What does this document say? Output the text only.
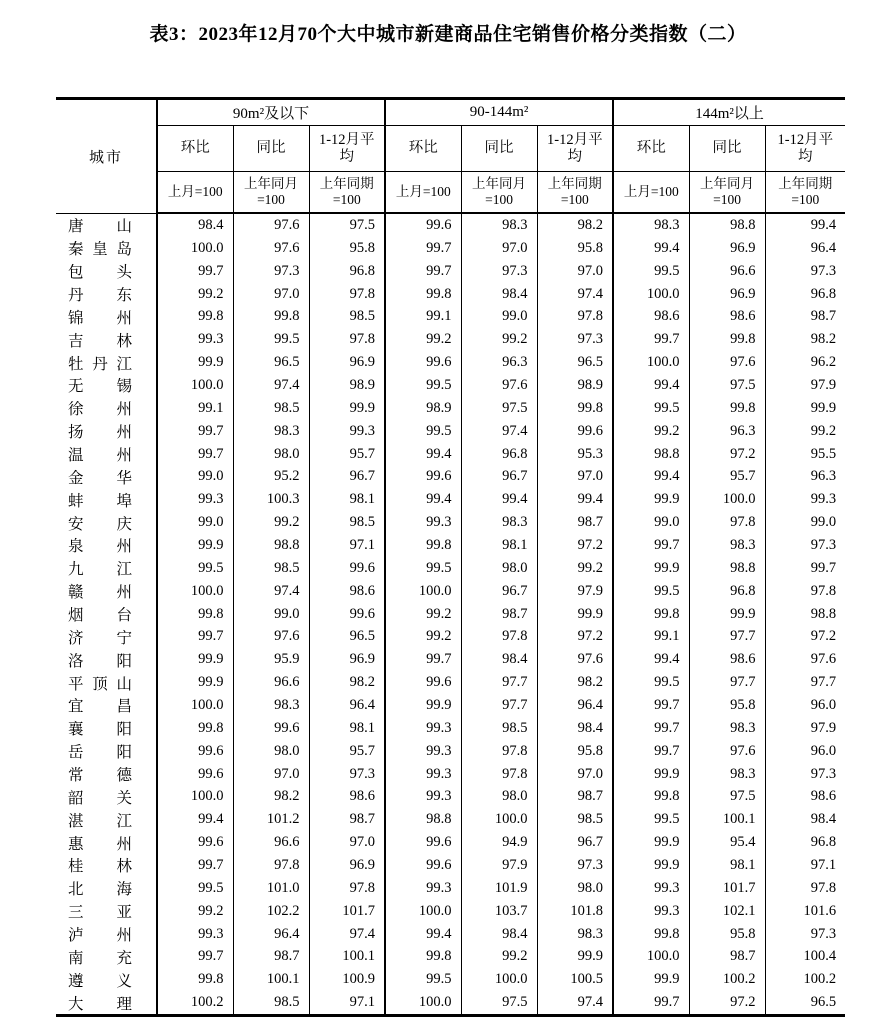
表3：2023年12月70个大中城市新建商品住宅销售价格分类指数（二）
城市	90m²及以下			90-144m²			144m²以上		
	环比	同比	1-12月平均	环比	同比	1-12月平均	环比	同比	1-12月平均
	上月=100	上年同月=100	上年同期=100	上月=100	上年同月=100	上年同期=100	上月=100	上年同月=100	上年同期=100

唐 山	98.4	97.6	97.5	99.6	98.3	98.2	98.3	98.8	99.4

秦 皇 岛	100.0	97.6	95.8	99.7	97.0	95.8	99.4	96.9	96.4

包 头	99.7	97.3	96.8	99.7	97.3	97.0	99.5	96.6	97.3

丹 东	99.2	97.0	97.8	99.8	98.4	97.4	100.0	96.9	96.8

锦 州	99.8	99.8	98.5	99.1	99.0	97.8	98.6	98.6	98.7

吉 林	99.3	99.5	97.8	99.2	99.2	97.3	99.7	99.8	98.2

牡 丹 江	99.9	96.5	96.9	99.6	96.3	96.5	100.0	97.6	96.2

无 锡	100.0	97.4	98.9	99.5	97.6	98.9	99.4	97.5	97.9

徐 州	99.1	98.5	99.9	98.9	97.5	99.8	99.5	99.8	99.9

扬 州	99.7	98.3	99.3	99.5	97.4	99.6	99.2	96.3	99.2

温 州	99.7	98.0	95.7	99.4	96.8	95.3	98.8	97.2	95.5

金 华	99.0	95.2	96.7	99.6	96.7	97.0	99.4	95.7	96.3

蚌 埠	99.3	100.3	98.1	99.4	99.4	99.4	99.9	100.0	99.3

安 庆	99.0	99.2	98.5	99.3	98.3	98.7	99.0	97.8	99.0

泉 州	99.9	98.8	97.1	99.8	98.1	97.2	99.7	98.3	97.3

九 江	99.5	98.5	99.6	99.5	98.0	99.2	99.9	98.8	99.7

赣 州	100.0	97.4	98.6	100.0	96.7	97.9	99.5	96.8	97.8

烟 台	99.8	99.0	99.6	99.2	98.7	99.9	99.8	99.9	98.8

济 宁	99.7	97.6	96.5	99.2	97.8	97.2	99.1	97.7	97.2

洛 阳	99.9	95.9	96.9	99.7	98.4	97.6	99.4	98.6	97.6

平 顶 山	99.9	96.6	98.2	99.6	97.7	98.2	99.5	97.7	97.7

宜 昌	100.0	98.3	96.4	99.9	97.7	96.4	99.7	95.8	96.0

襄 阳	99.8	99.6	98.1	99.3	98.5	98.4	99.7	98.3	97.9

岳 阳	99.6	98.0	95.7	99.3	97.8	95.8	99.7	97.6	96.0

常 德	99.6	97.0	97.3	99.3	97.8	97.0	99.9	98.3	97.3

韶 关	100.0	98.2	98.6	99.3	98.0	98.7	99.8	97.5	98.6

湛 江	99.4	101.2	98.7	98.8	100.0	98.5	99.5	100.1	98.4

惠 州	99.6	96.6	97.0	99.6	94.9	96.7	99.9	95.4	96.8

桂 林	99.7	97.8	96.9	99.6	97.9	97.3	99.9	98.1	97.1

北 海	99.5	101.0	97.8	99.3	101.9	98.0	99.3	101.7	97.8

三 亚	99.2	102.2	101.7	100.0	103.7	101.8	99.3	102.1	101.6

泸 州	99.3	96.4	97.4	99.4	98.4	98.3	99.8	95.8	97.3

南 充	99.7	98.7	100.1	99.8	99.2	99.9	100.0	98.7	100.4

遵 义	99.8	100.1	100.9	99.5	100.0	100.5	99.9	100.2	100.2

大 理	100.2	98.5	97.1	100.0	97.5	97.4	99.7	97.2	96.5
